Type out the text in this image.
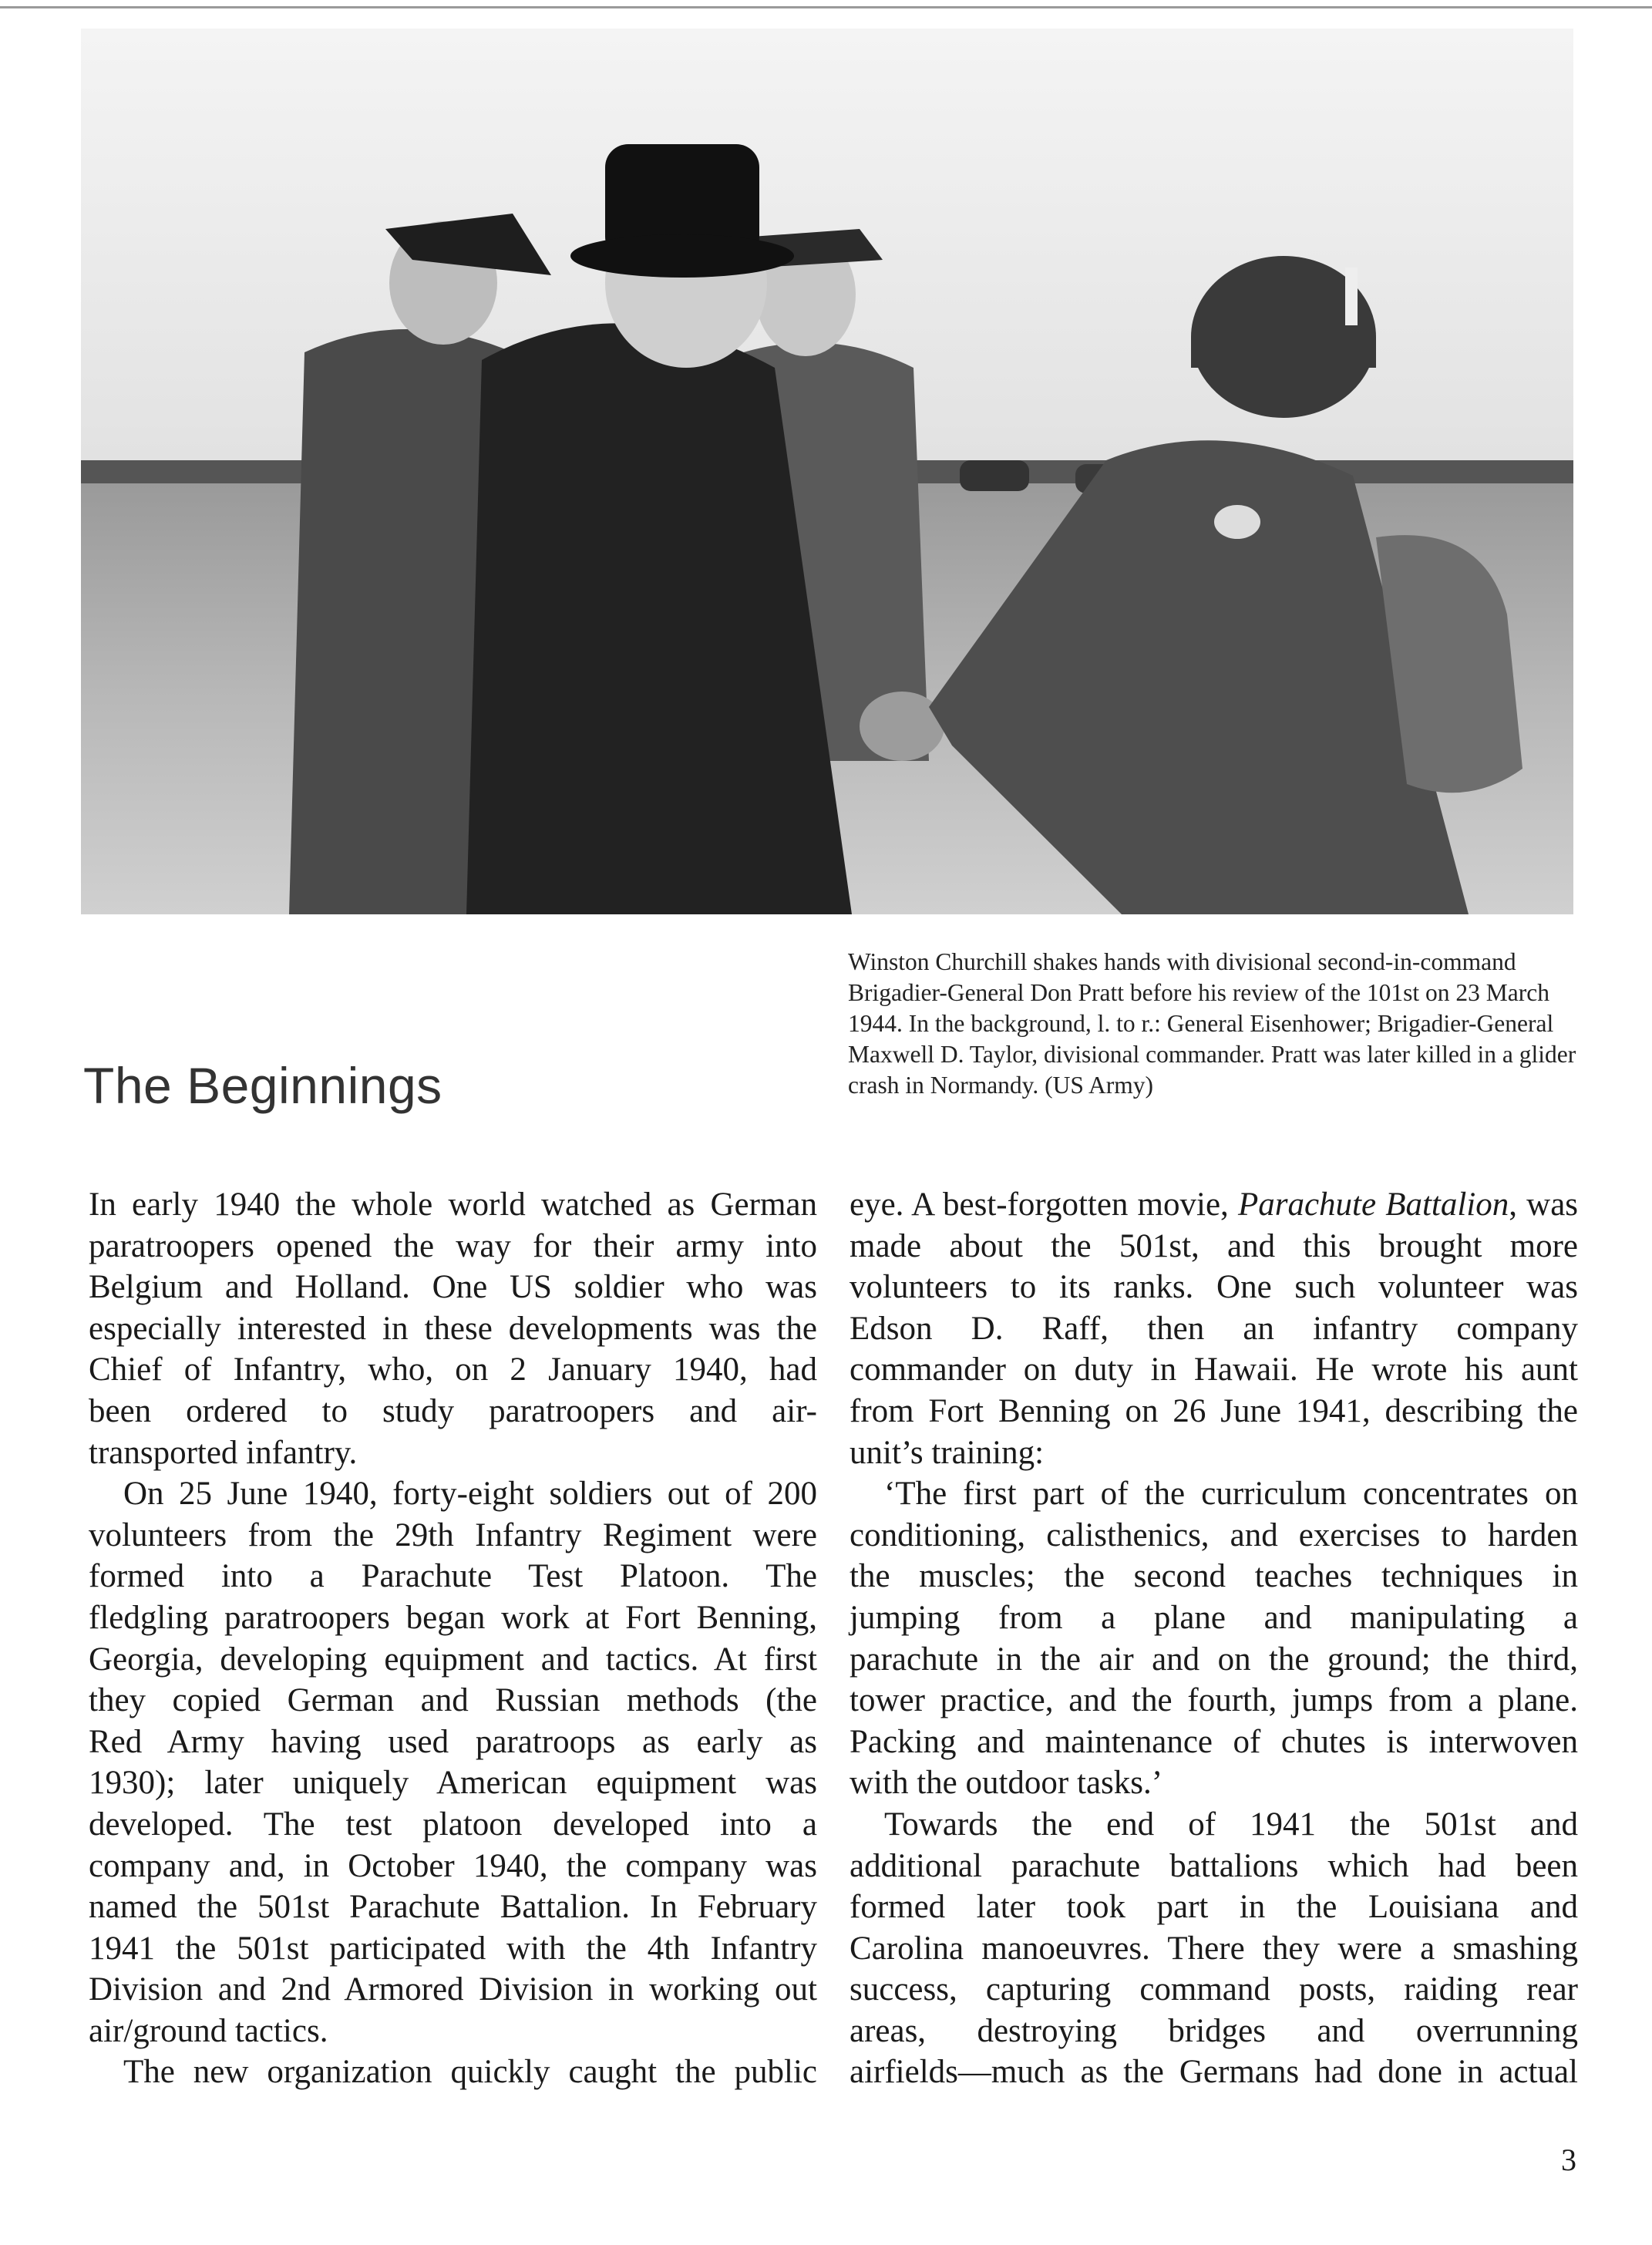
Winston Churchill shakes hands with divisional second-in-command Brigadier-General Don Pratt before his review of the 101st on 23 March 1944. In the background, l. to r.: General Eisenhower; Brigadier-General Maxwell D. Taylor, divisional commander. Pratt was later killed in a glider crash in Normandy. (US Army)
The Beginnings
In early 1940 the whole world watched as German
paratroopers opened the way for their army into
Belgium and Holland. One US soldier who was
especially interested in these developments was the
Chief of Infantry, who, on 2 January 1940, had
been ordered to study paratroopers and air-
transported infantry.
On 25 June 1940, forty-eight soldiers out of 200
volunteers from the 29th Infantry Regiment were
formed into a Parachute Test Platoon. The
fledgling paratroopers began work at Fort Benning,
Georgia, developing equipment and tactics. At first
they copied German and Russian methods (the
Red Army having used paratroops as early as
1930); later uniquely American equipment was
developed. The test platoon developed into a
company and, in October 1940, the company was
named the 501st Parachute Battalion. In February
1941 the 501st participated with the 4th Infantry
Division and 2nd Armored Division in working out
air/ground tactics.
The new organization quickly caught the public
eye. A best-forgotten movie, Parachute Battalion, was
made about the 501st, and this brought more
volunteers to its ranks. One such volunteer was
Edson D. Raff, then an infantry company
commander on duty in Hawaii. He wrote his aunt
from Fort Benning on 26 June 1941, describing the
unit’s training:
‘The first part of the curriculum concentrates on
conditioning, calisthenics, and exercises to harden
the muscles; the second teaches techniques in
jumping from a plane and manipulating a
parachute in the air and on the ground; the third,
tower practice, and the fourth, jumps from a plane.
Packing and maintenance of chutes is interwoven
with the outdoor tasks.’
Towards the end of 1941 the 501st and
additional parachute battalions which had been
formed later took part in the Louisiana and
Carolina manoeuvres. There they were a smashing
success, capturing command posts, raiding rear
areas, destroying bridges and overrunning
airfields—much as the Germans had done in actual
3
